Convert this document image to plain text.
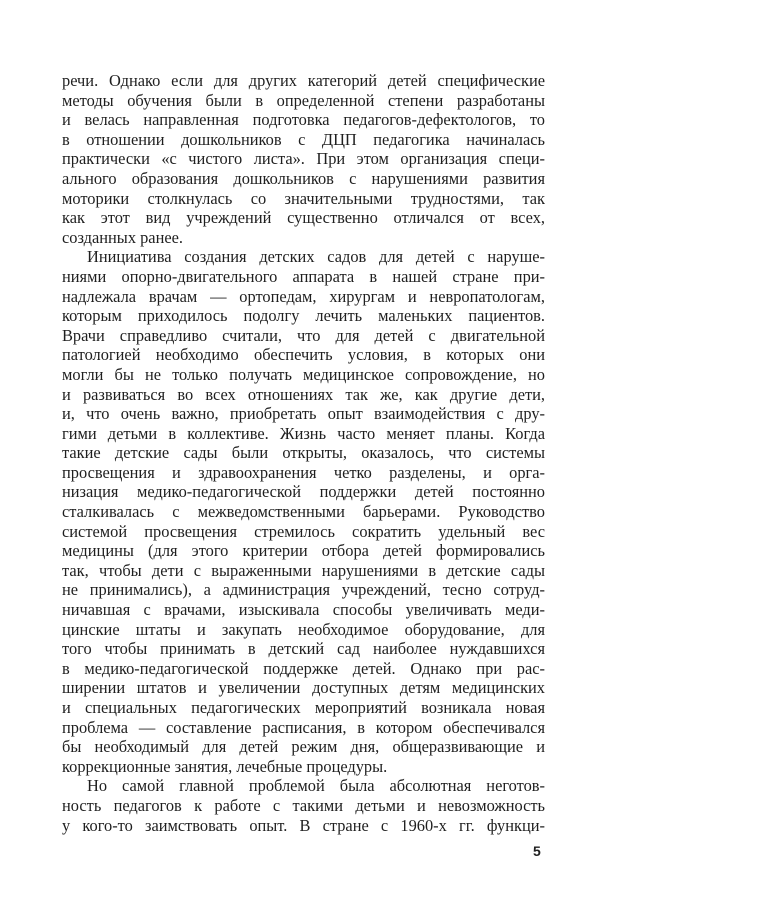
речи. Однако если для других категорий детей специфические
методы обучения были в определенной степени разработаны
и велась направленная подготовка педагогов-дефектологов, то
в отношении дошкольников с ДЦП педагогика начиналась
практически «с чистого листа». При этом организация специ-
ального образования дошкольников с нарушениями развития
моторики столкнулась со значительными трудностями, так
как этот вид учреждений существенно отличался от всех,
созданных ранее.
Инициатива создания детских садов для детей с наруше-
ниями опорно-двигательного аппарата в нашей стране при-
надлежала врачам — ортопедам, хирургам и невропатологам,
которым приходилось подолгу лечить маленьких пациентов.
Врачи справедливо считали, что для детей с двигательной
патологией необходимо обеспечить условия, в которых они
могли бы не только получать медицинское сопровождение, но
и развиваться во всех отношениях так же, как другие дети,
и, что очень важно, приобретать опыт взаимодействия с дру-
гими детьми в коллективе. Жизнь часто меняет планы. Когда
такие детские сады были открыты, оказалось, что системы
просвещения и здравоохранения четко разделены, и орга-
низация медико-педагогической поддержки детей постоянно
сталкивалась с межведомственными барьерами. Руководство
системой просвещения стремилось сократить удельный вес
медицины (для этого критерии отбора детей формировались
так, чтобы дети с выраженными нарушениями в детские сады
не принимались), а администрация учреждений, тесно сотруд-
ничавшая с врачами, изыскивала способы увеличивать меди-
цинские штаты и закупать необходимое оборудование, для
того чтобы принимать в детский сад наиболее нуждавшихся
в медико-педагогической поддержке детей. Однако при рас-
ширении штатов и увеличении доступных детям медицинских
и специальных педагогических мероприятий возникала новая
проблема — составление расписания, в котором обеспечивался
бы необходимый для детей режим дня, общеразвивающие и
коррекционные занятия, лечебные процедуры.
Но самой главной проблемой была абсолютная неготов-
ность педагогов к работе с такими детьми и невозможность
у кого-то заимствовать опыт. В стране с 1960-х гг. функци-
5
